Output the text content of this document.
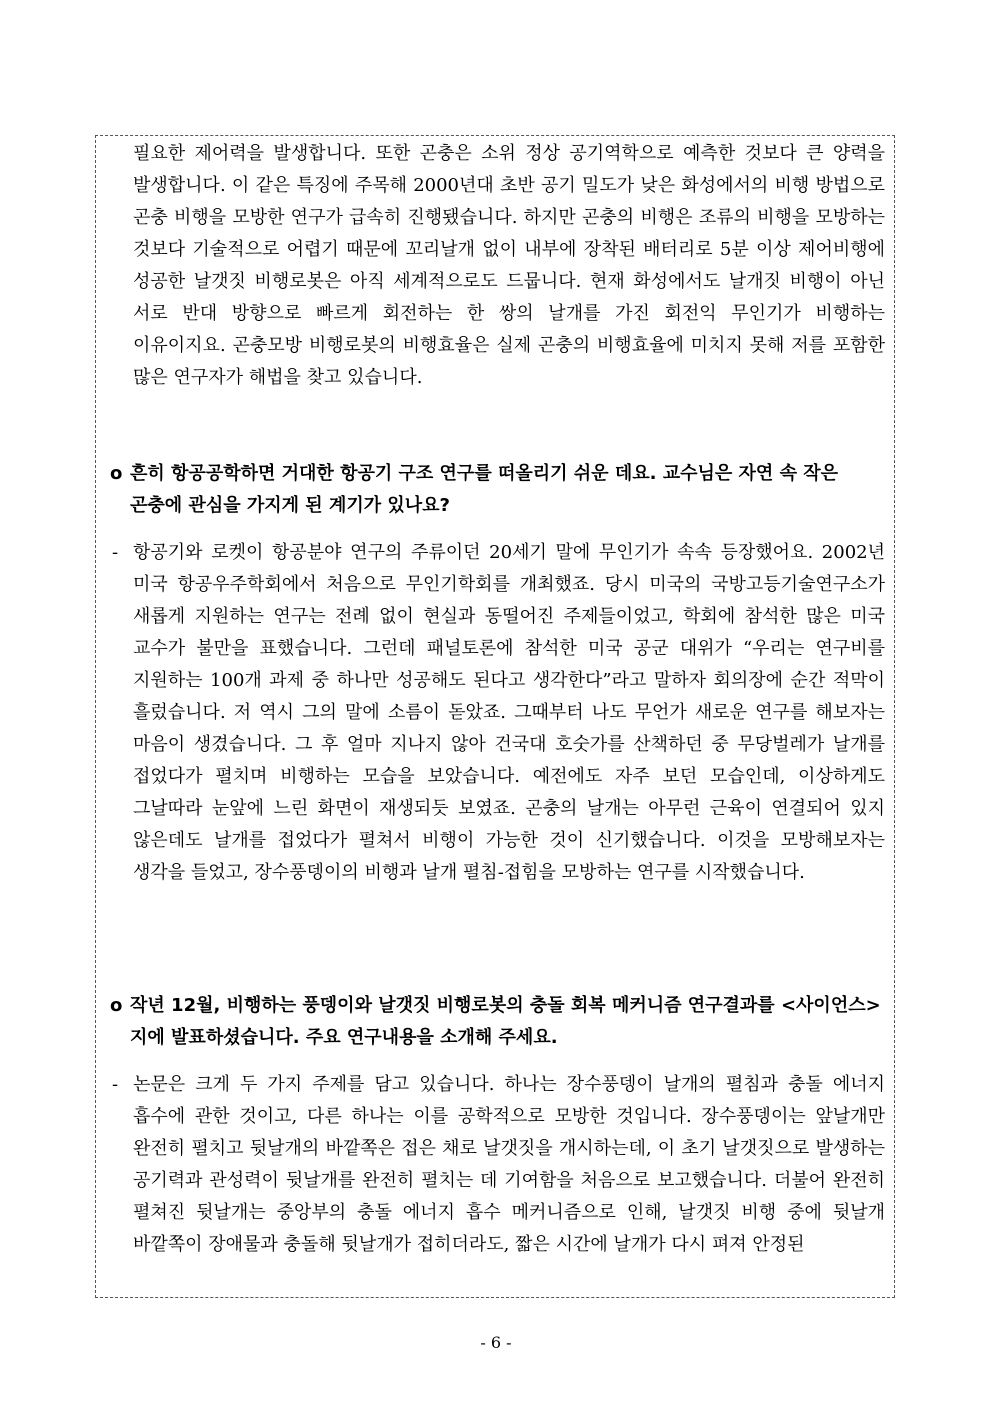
필요한 제어력을 발생합니다. 또한 곤충은 소위 정상 공기역학으로 예측한 것보다 큰 양력을 발생합니다. 이 같은 특징에 주목해 2000년대 초반 공기 밀도가 낮은 화성에서의 비행 방법으로 곤충 비행을 모방한 연구가 급속히 진행됐습니다. 하지만 곤충의 비행은 조류의 비행을 모방하는 것보다 기술적으로 어렵기 때문에 꼬리날개 없이 내부에 장착된 배터리로 5분 이상 제어비행에 성공한 날갯짓 비행로봇은 아직 세계적으로도 드뭅니다. 현재 화성에서도 날개짓 비행이 아닌 서로 반대 방향으로 빠르게 회전하는 한 쌍의 날개를 가진 회전익 무인기가 비행하는 이유이지요. 곤충모방 비행로봇의 비행효율은 실제 곤충의 비행효율에 미치지 못해 저를 포함한 많은 연구자가 해법을 찾고 있습니다.
o 흔히 항공공학하면 거대한 항공기 구조 연구를 떠올리기 쉬운 데요. 교수님은 자연 속 작은 곤충에 관심을 가지게 된 계기가 있나요?
- 항공기와 로켓이 항공분야 연구의 주류이던 20세기 말에 무인기가 속속 등장했어요. 2002년 미국 항공우주학회에서 처음으로 무인기학회를 개최했죠. 당시 미국의 국방고등기술연구소가 새롭게 지원하는 연구는 전례 없이 현실과 동떨어진 주제들이었고, 학회에 참석한 많은 미국 교수가 불만을 표했습니다. 그런데 패널토론에 참석한 미국 공군 대위가 “우리는 연구비를 지원하는 100개 과제 중 하나만 성공해도 된다고 생각한다”라고 말하자 회의장에 순간 적막이 흘렀습니다. 저 역시 그의 말에 소름이 돋았죠. 그때부터 나도 무언가 새로운 연구를 해보자는 마음이 생겼습니다. 그 후 얼마 지나지 않아 건국대 호숫가를 산책하던 중 무당벌레가 날개를 접었다가 펼치며 비행하는 모습을 보았습니다. 예전에도 자주 보던 모습인데, 이상하게도 그날따라 눈앞에 느린 화면이 재생되듯 보였죠. 곤충의 날개는 아무런 근육이 연결되어 있지 않은데도 날개를 접었다가 펼쳐서 비행이 가능한 것이 신기했습니다. 이것을 모방해보자는 생각을 들었고, 장수풍뎅이의 비행과 날개 펼침-접힘을 모방하는 연구를 시작했습니다.
o 작년 12월, 비행하는 풍뎅이와 날갯짓 비행로봇의 충돌 회복 메커니즘 연구결과를 <사이언스> 지에 발표하셨습니다. 주요 연구내용을 소개해 주세요.
- 논문은 크게 두 가지 주제를 담고 있습니다. 하나는 장수풍뎅이 날개의 펼침과 충돌 에너지 흡수에 관한 것이고, 다른 하나는 이를 공학적으로 모방한 것입니다. 장수풍뎅이는 앞날개만 완전히 펼치고 뒷날개의 바깥쪽은 접은 채로 날갯짓을 개시하는데, 이 초기 날갯짓으로 발생하는 공기력과 관성력이 뒷날개를 완전히 펼치는 데 기여함을 처음으로 보고했습니다. 더불어 완전히 펼쳐진 뒷날개는 중앙부의 충돌 에너지 흡수 메커니즘으로 인해, 날갯짓 비행 중에 뒷날개 바깥쪽이 장애물과 충돌해 뒷날개가 접히더라도, 짧은 시간에 날개가 다시 펴져 안정된
- 6 -
